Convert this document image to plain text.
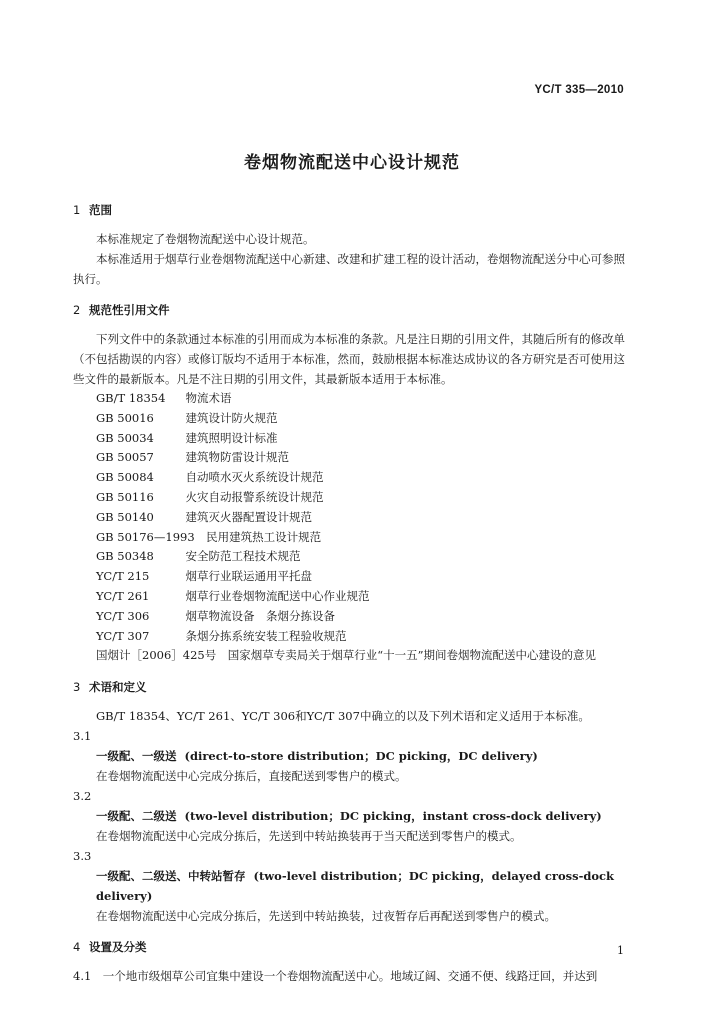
YC/T 335—2010
卷烟物流配送中心设计规范
1 范围

本标准规定了卷烟物流配送中心设计规范。

本标准适用于烟草行业卷烟物流配送中心新建、改建和扩建工程的设计活动，卷烟物流配送分中心可参照执行。

2 规范性引用文件

下列文件中的条款通过本标准的引用而成为本标准的条款。凡是注日期的引用文件，其随后所有的修改单（不包括勘误的内容）或修订版均不适用于本标准，然而，鼓励根据本标准达成协议的各方研究是否可使用这些文件的最新版本。凡是不注日期的引用文件，其最新版本适用于本标准。

GB/T 18354　 物流术语
GB 50016　	建筑设计防火规范
GB 50034　	建筑照明设计标准
GB 50057　	建筑物防雷设计规范
GB 50084　	自动喷水灭火系统设计规范
GB 50116　	火灾自动报警系统设计规范
GB 50140　	建筑灭火器配置设计规范
GB 50176—1993　 民用建筑热工设计规范
GB 50348　	安全防范工程技术规范
YC/T 215　	烟草行业联运通用平托盘
YC/T 261　	烟草行业卷烟物流配送中心作业规范
YC/T 306　	烟草物流设备　条烟分拣设备
YC/T 307　	条烟分拣系统安装工程验收规范
国烟计［2006］425号　 国家烟草专卖局关于烟草行业“十一五”期间卷烟物流配送中心建设的意见
3 术语和定义

GB/T 18354、YC/T 261、YC/T 306和YC/T 307中确立的以及下列术语和定义适用于本标准。

3.1
一级配、一级送 (direct-to-store distribution；DC picking，DC delivery)
在卷烟物流配送中心完成分拣后，直接配送到零售户的模式。
3.2
一级配、二级送 (two-level distribution；DC picking，instant cross-dock delivery)
在卷烟物流配送中心完成分拣后，先送到中转站换装再于当天配送到零售户的模式。
3.3
一级配、二级送、中转站暂存 (two-level distribution；DC picking，delayed cross-dock delivery)
在卷烟物流配送中心完成分拣后，先送到中转站换装，过夜暂存后再配送到零售户的模式。
4 设置及分类

4.1　 一个地市级烟草公司宜集中建设一个卷烟物流配送中心。地域辽阔、交通不便、线路迂回，并达到

1
